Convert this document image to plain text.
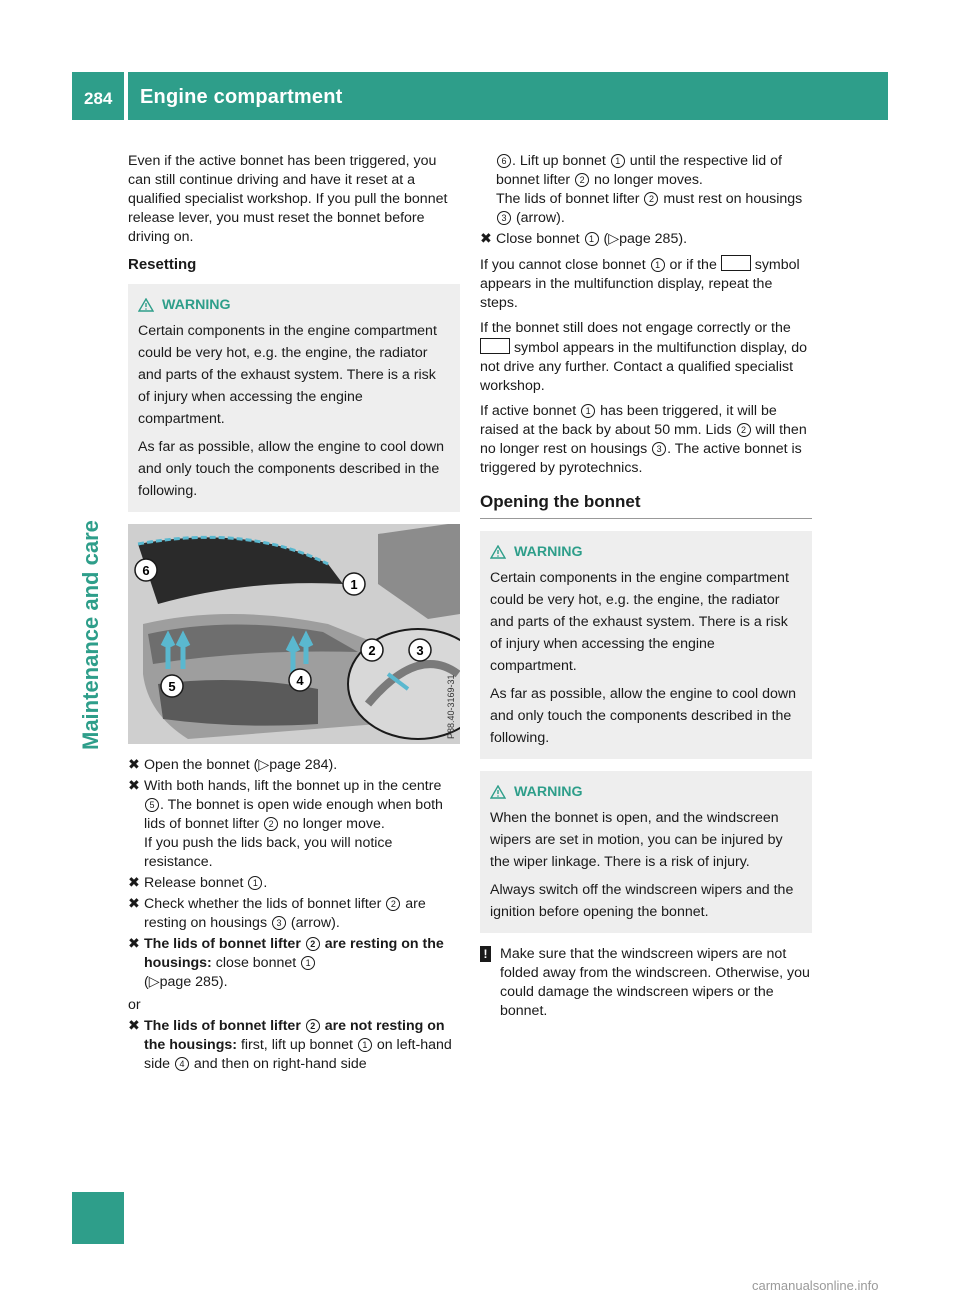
284 Engine compartment
Maintenance and care

Even if the active bonnet has been triggered, you can still continue driving and have it reset at a qualified specialist workshop. If you pull the bonnet release lever, you must reset the bonnet before driving on.

Resetting
WARNING

Certain components in the engine compartment could be very hot, e.g. the engine, the radiator and parts of the exhaust system. There is a risk of injury when accessing the engine compartment.

As far as possible, allow the engine to cool down and only touch the components described in the following.

1
2	3
4
5
6
P88.40-3169-31
✖ Open the bonnet (▷page 284).
✖ With both hands, lift the bonnet up in the centre 5 . The bonnet is open wide enough when both lids of bonnet lifter 2 no longer move.
If you push the lids back, you will notice resistance.
✖ Release bonnet 1 .
✖ Check whether the lids of bonnet lifter 2 are resting on housings 3 (arrow).
✖ The lids of bonnet lifter 2 are resting on the housings: close bonnet 1
(▷page 285).

or

✖ The lids of bonnet lifter 2 are not resting on the housings: first, lift up bonnet 1 on left-hand side 4 and then on right-hand side
6 . Lift up bonnet 1 until the respective lid of bonnet lifter 2 no longer moves.
The lids of bonnet lifter 2 must rest on housings 3 (arrow).
✖ Close bonnet 1 (▷page 285).

If you cannot close bonnet 1 or if the  symbol appears in the multifunction display, repeat the steps.

If the bonnet still does not engage correctly or the  symbol appears in the multifunction display, do not drive any further. Contact a qualified specialist workshop.

If active bonnet 1 has been triggered, it will be raised at the back by about 50 mm. Lids 2 will then no longer rest on housings 3 . The active bonnet is triggered by pyrotechnics.

Opening the bonnet
WARNING

Certain components in the engine compartment could be very hot, e.g. the engine, the radiator and parts of the exhaust system. There is a risk of injury when accessing the engine compartment.

As far as possible, allow the engine to cool down and only touch the components described in the following.

WARNING

When the bonnet is open, and the windscreen wipers are set in motion, you can be injured by the wiper linkage. There is a risk of injury.

Always switch off the windscreen wipers and the ignition before opening the bonnet.

! Make sure that the windscreen wipers are not folded away from the windscreen. Otherwise, you could damage the windscreen wipers or the bonnet.
carmanualsonline.info
